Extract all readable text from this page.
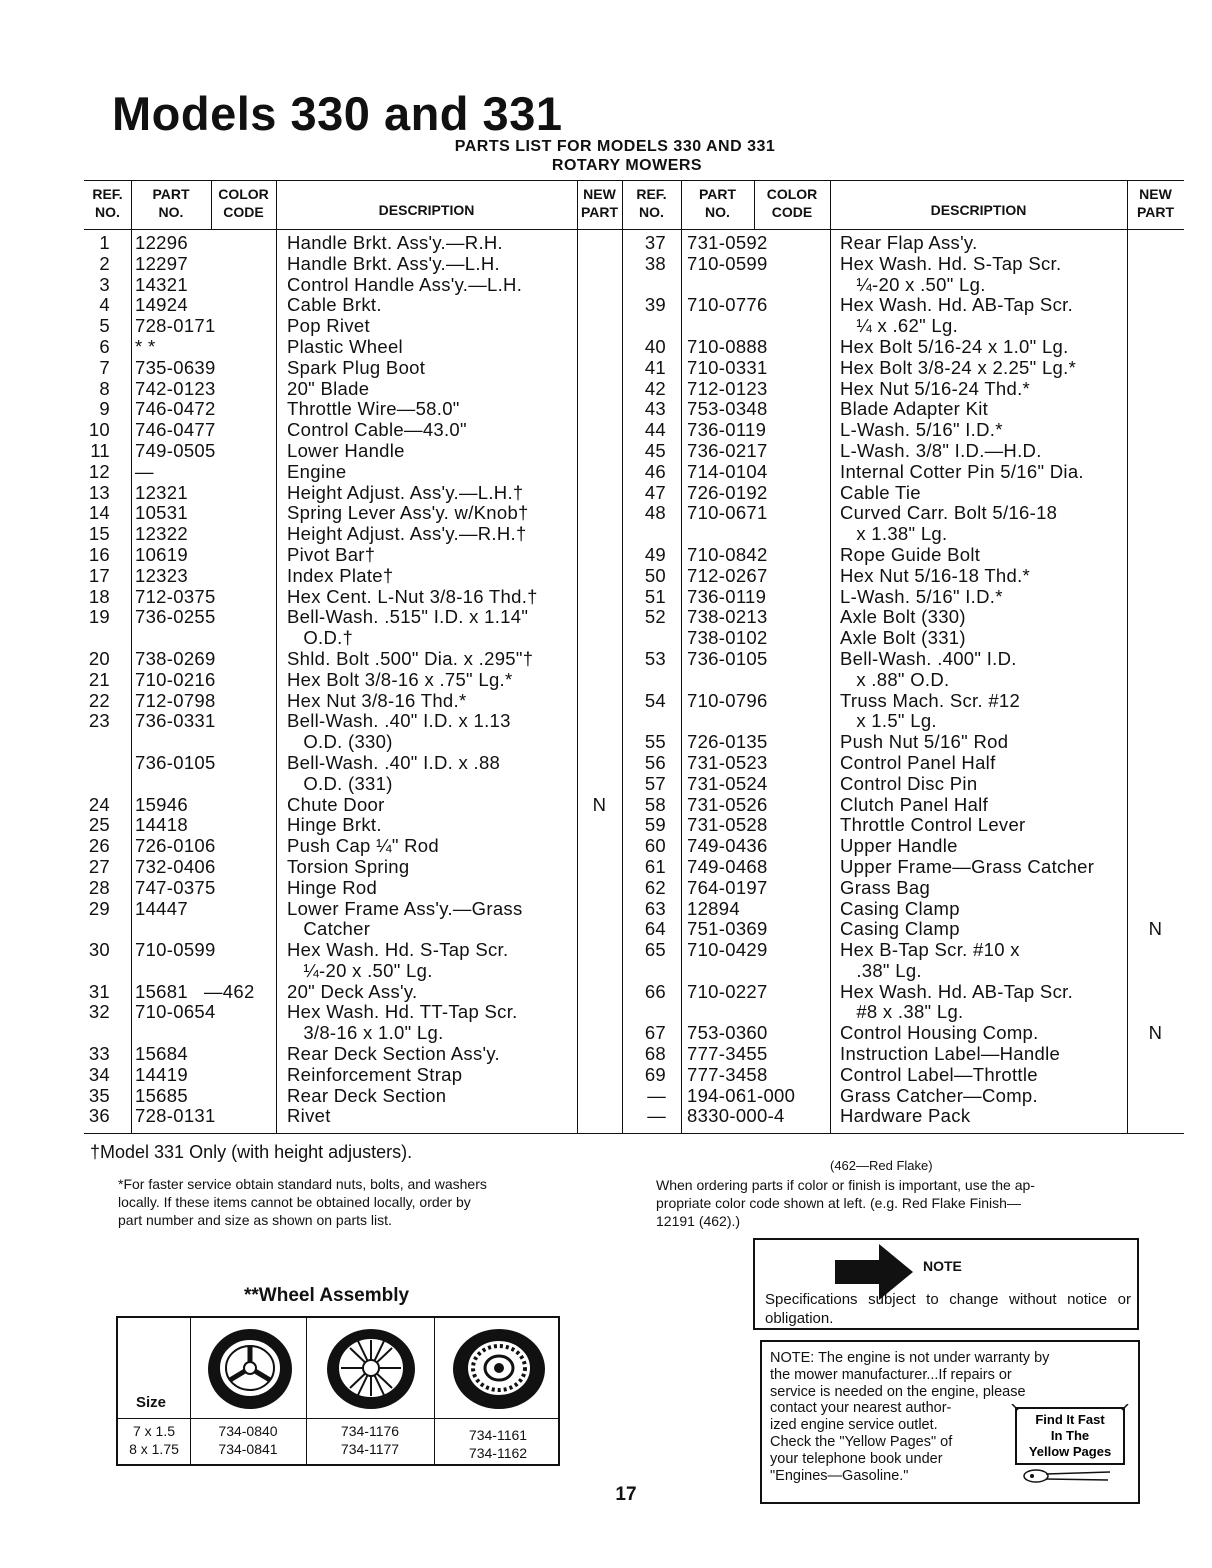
Models 330 and 331
PARTS LIST FOR MODELS 330 AND 331
ROTARY MOWERS
REF.
NO.
PART
NO.
COLOR
CODE	DESCRIPTION
NEW
PART
REF.
NO.
PART
NO.
COLOR
CODE	DESCRIPTION
NEW
PART
1
2
3
4
5
6
7
8
9
10
11
12
13
14
15
16
17
18
19
20
21
22
23
24
25
26
27
28
29
30
31
32
33
34
35
36
12296
12297
14321
14924
728-0171
* *
735-0639
742-0123
746-0472
746-0477
749-0505
—
12321
10531
12322
10619
12323
712-0375
736-0255
738-0269
710-0216
712-0798
736-0331
736-0105
15946
14418
726-0106
732-0406
747-0375
14447
710-0599
15681
710-0654
15684
14419
15685
728-0131
—462
Handle Brkt. Ass'y.—R.H.
Handle Brkt. Ass'y.—L.H.
Control Handle Ass'y.—L.H.
Cable Brkt.
Pop Rivet
Plastic Wheel
Spark Plug Boot
20" Blade
Throttle Wire—58.0"
Control Cable—43.0"
Lower Handle
Engine
Height Adjust. Ass'y.—L.H.†
Spring Lever Ass'y. w/Knob†
Height Adjust. Ass'y.—R.H.†
Pivot Bar†
Index Plate†
Hex Cent. L-Nut 3/8-16 Thd.†
Bell-Wash. .515" I.D. x 1.14"
O.D.†
Shld. Bolt .500" Dia. x .295"†
Hex Bolt 3/8-16 x .75" Lg.*
Hex Nut 3/8-16 Thd.*
Bell-Wash. .40" I.D. x 1.13
O.D. (330)
Bell-Wash. .40" I.D. x .88
O.D. (331)
Chute Door
Hinge Brkt.
Push Cap ¼" Rod
Torsion Spring
Hinge Rod
Lower Frame Ass'y.—Grass
Catcher
Hex Wash. Hd. S-Tap Scr.
¼-20 x .50" Lg.
20" Deck Ass'y.
Hex Wash. Hd. TT-Tap Scr.
3/8-16 x 1.0" Lg.
Rear Deck Section Ass'y.
Reinforcement Strap
Rear Deck Section
Rivet
N
37
38
39
40
41
42
43
44
45
46
47
48
49
50
51
52
53
54
55
56
57
58
59
60
61
62
63
64
65
66
67
68
69
—
—
731-0592
710-0599
710-0776
710-0888
710-0331
712-0123
753-0348
736-0119
736-0217
714-0104
726-0192
710-0671
710-0842
712-0267
736-0119
738-0213
738-0102
736-0105
710-0796
726-0135
731-0523
731-0524
731-0526
731-0528
749-0436
749-0468
764-0197
12894
751-0369
710-0429
710-0227
753-0360
777-3455
777-3458
194-061-000
8330-000-4
Rear Flap Ass'y.
Hex Wash. Hd. S-Tap Scr.
¼-20 x .50" Lg.
Hex Wash. Hd. AB-Tap Scr.
¼ x .62" Lg.
Hex Bolt 5/16-24 x 1.0" Lg.
Hex Bolt 3/8-24 x 2.25" Lg.*
Hex Nut 5/16-24 Thd.*
Blade Adapter Kit
L-Wash. 5/16" I.D.*
L-Wash. 3/8" I.D.—H.D.
Internal Cotter Pin 5/16" Dia.
Cable Tie
Curved Carr. Bolt 5/16-18
x 1.38" Lg.
Rope Guide Bolt
Hex Nut 5/16-18 Thd.*
L-Wash. 5/16" I.D.*
Axle Bolt (330)
Axle Bolt (331)
Bell-Wash. .400" I.D.
x .88" O.D.
Truss Mach. Scr. #12
x 1.5" Lg.
Push Nut 5/16" Rod
Control Panel Half
Control Disc Pin
Clutch Panel Half
Throttle Control Lever
Upper Handle
Upper Frame—Grass Catcher
Grass Bag
Casing Clamp
Casing Clamp
Hex B-Tap Scr. #10 x
.38" Lg.
Hex Wash. Hd. AB-Tap Scr.
#8 x .38" Lg.
Control Housing Comp.
Instruction Label—Handle
Control Label—Throttle
Grass Catcher—Comp.
Hardware Pack
N
N
†Model 331 Only (with height adjusters).
*For faster service obtain standard nuts, bolts, and washers
locally. If these items cannot be obtained locally, order by
part number and size as shown on parts list.
(462—Red Flake)
When ordering parts if color or finish is important, use the ap-
propriate color code shown at left. (e.g. Red Flake Finish—
12191 (462).)
NOTE
Specifications subject to change without notice or obligation.
NOTE: The engine is not under warranty by
the mower manufacturer...If repairs or
service is needed on the engine, please
contact your nearest author-
ized engine service outlet.
Check the "Yellow Pages" of
your telephone book under
"Engines—Gasoline."
Find It Fast
In The
Yellow Pages
**Wheel Assembly
Size
7 x 1.5
8 x 1.75
734-0840
734-0841
734-1176
734-1177
734-1161
734-1162
17
